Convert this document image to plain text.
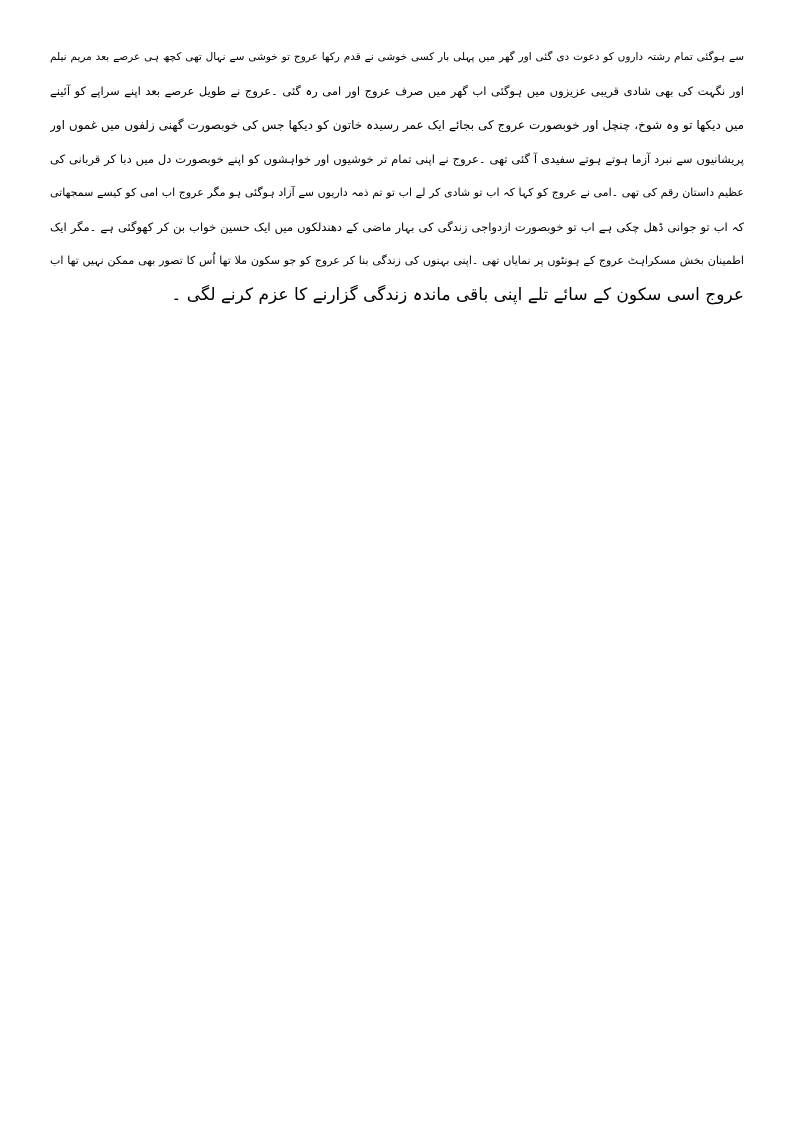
سے ہوگئی تمام رشتہ داروں کو دعوت دی گئی اور گھر میں پہلی بار کسی خوشی نے قدم رکھا عروج تو خوشی سے نہال تھی کچھ ہی عرصے بعد مریم نیلم
اور نگہت کی بھی شادی قریبی عزیزوں میں ہوگئی اب گھر میں صرف عروج اور امی رہ گئی ۔عروج نے طویل عرصے بعد اپنے سراپے کو آئینے
میں دیکھا تو وہ شوخ، چنچل اور خوبصورت عروج کی بجائے ایک عمر رسیدہ خاتون کو دیکھا جس کی خوبصورت گھنی زلفوں میں غموں اور
پریشانیوں سے نبرد آزما ہوتے ہوتے سفیدی آ گئی تھی ۔عروج نے اپنی تمام تر خوشیوں اور خواہشوں کو اپنے خوبصورت دل میں دبا کر قربانی کی
عظیم داستان رقم کی تھی ۔امی نے عروج کو کہا کہ اب تو شادی کر لے اب تو تم ذمہ داریوں سے آزاد ہوگئی ہو مگر عروج اب امی کو کیسے سمجھاتی
کہ اب تو جوانی ڈھل چکی ہے اب تو خوبصورت ازدواجی زندگی کی بہار ماضی کے دھندلکوں میں ایک حسین خواب بن کر کھوگئی ہے ۔مگر ایک
اطمینان بخش مسکراہٹ عروج کے ہونٹوں پر نمایاں تھی ۔اپنی بہنوں کی زندگی بنا کر عروج کو جو سکون ملا تھا اُس کا تصور بھی ممکن نہیں تھا اب
عروج اسی سکون کے سائے تلے اپنی باقی ماندہ زندگی گزارنے کا عزم کرنے لگی ۔
